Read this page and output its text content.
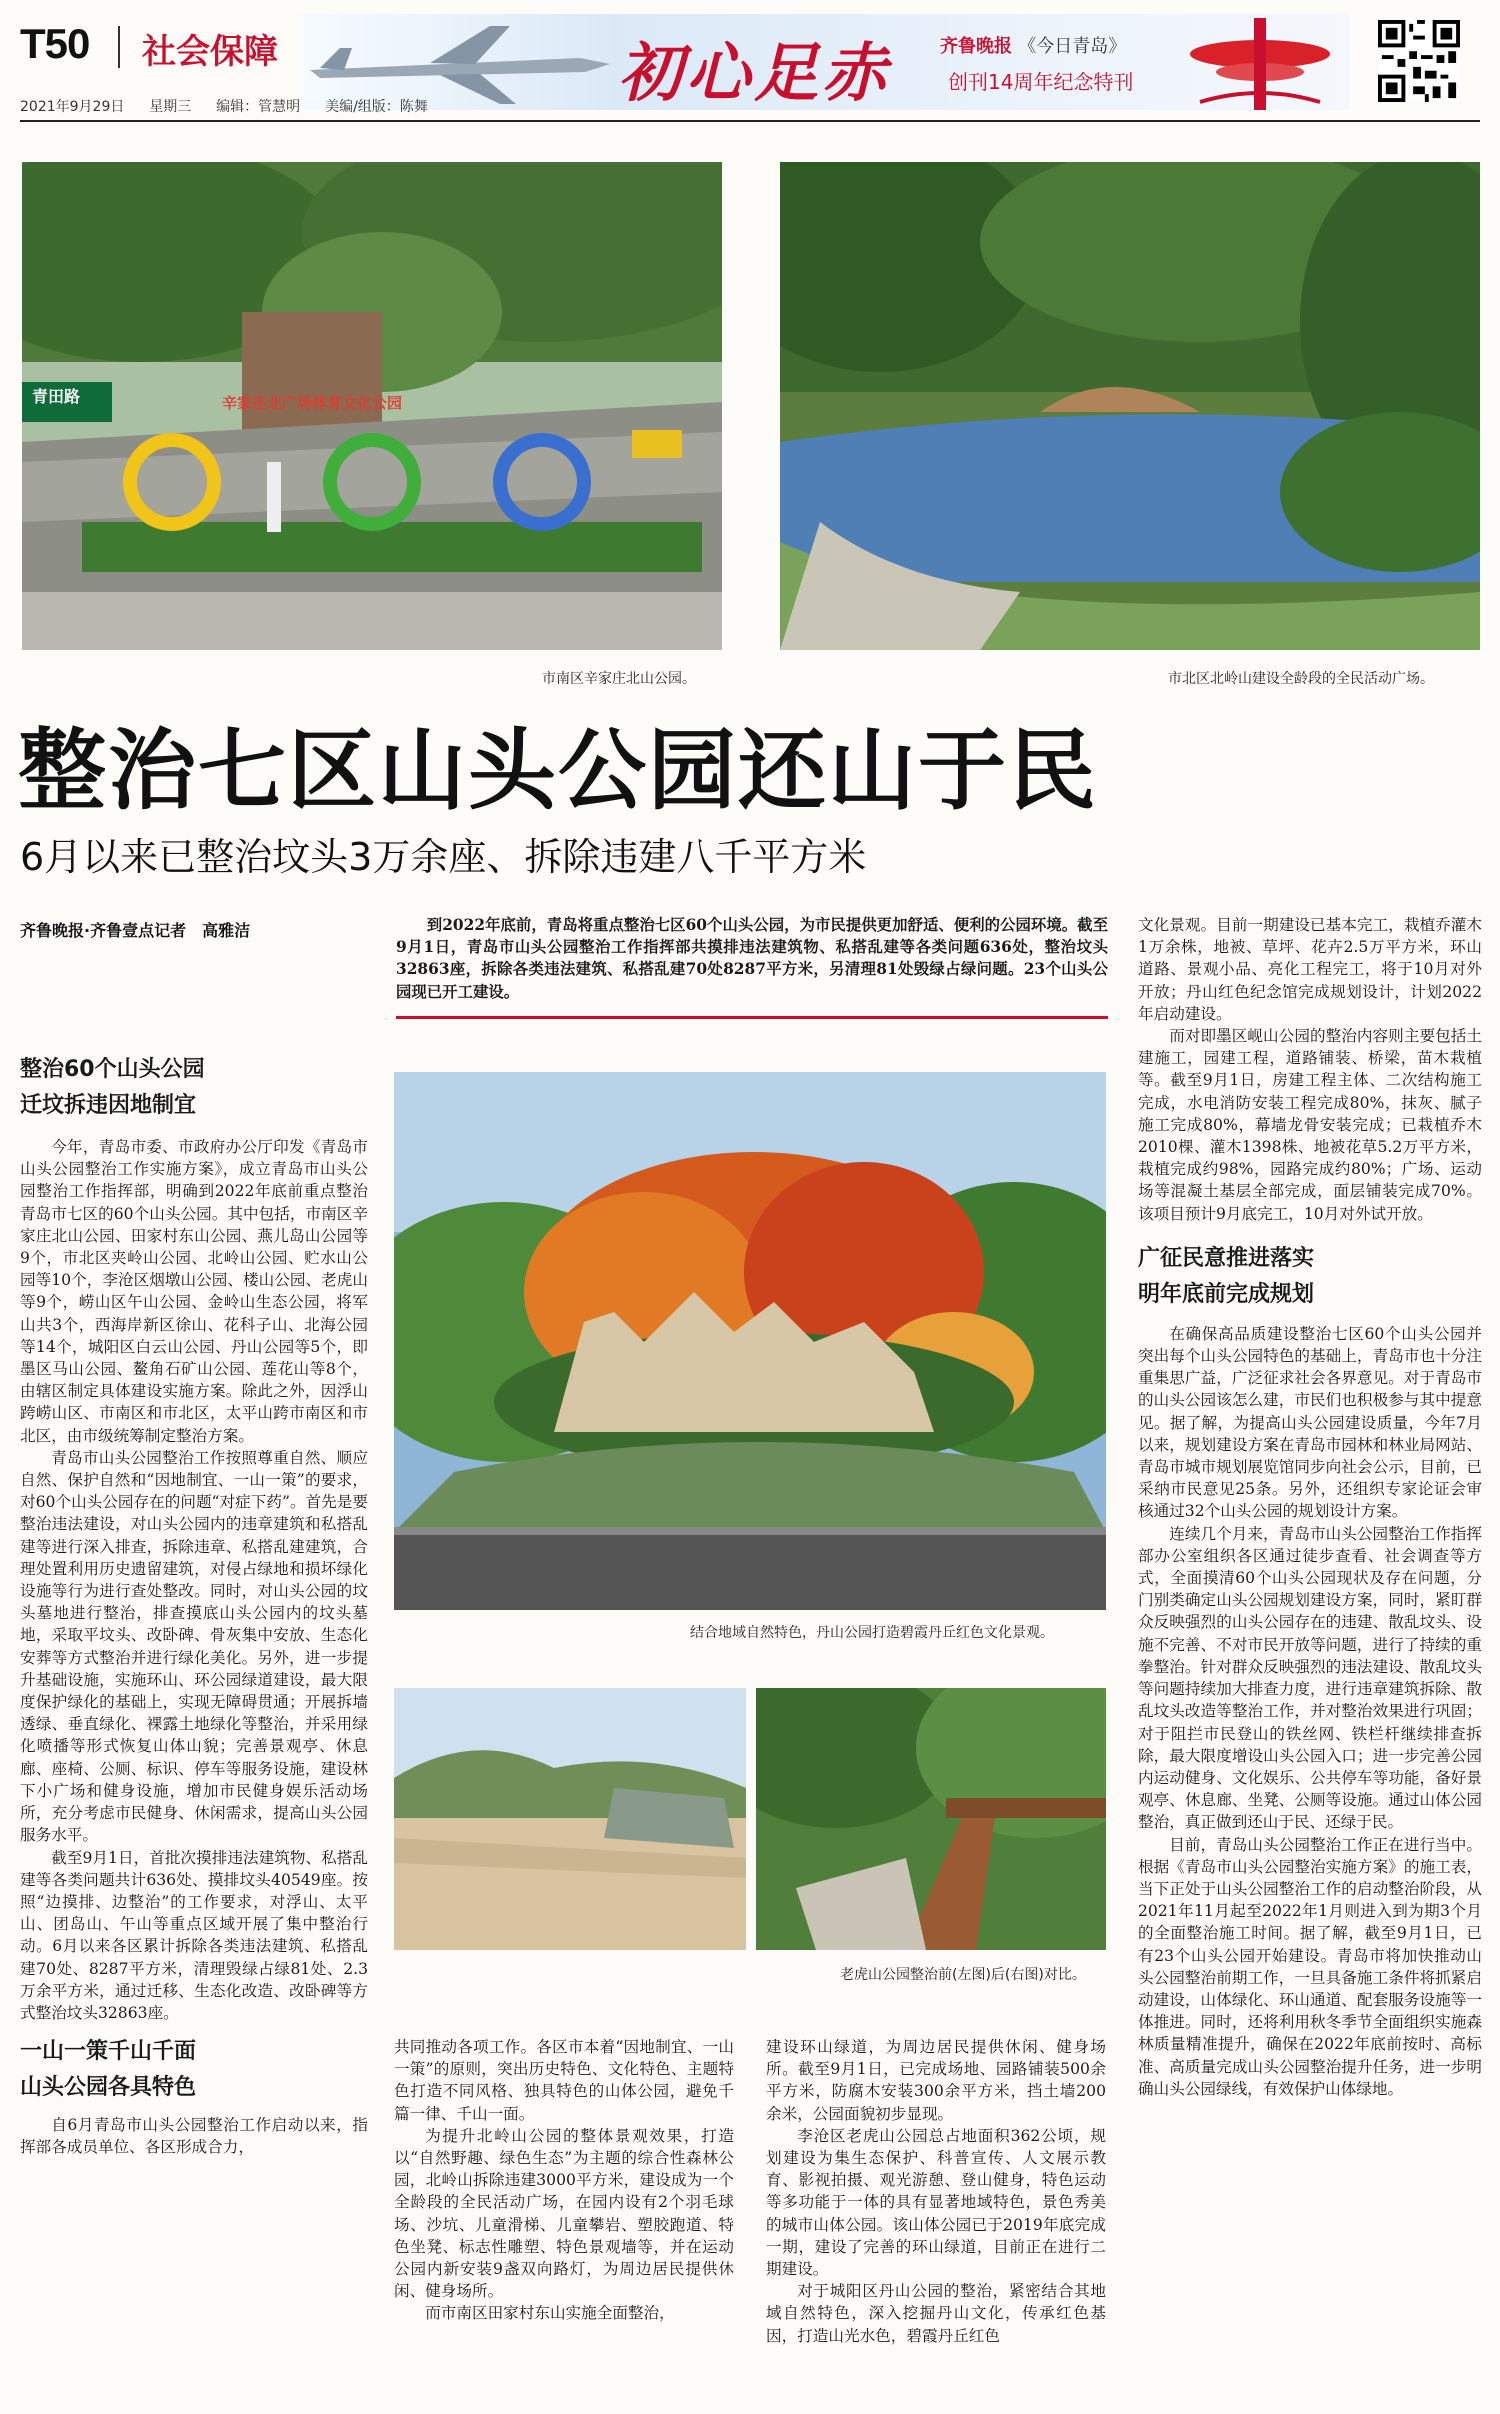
T50 社会保障	初心足赤	齐鲁晚报 《今日青岛》
创刊14周年纪念特刊
2021年9月29日 星期三 编辑：管慧明 美编/组版：陈舞
青田路	辛家庄北广场体育文化公园
市南区辛家庄北山公园。	市北区北岭山建设全龄段的全民活动广场。
整治七区山头公园还山于民
6月以来已整治坟头3万余座、拆除违建八千平方米
齐鲁晚报·齐鲁壹点记者　高雅洁	到2022年底前，青岛将重点整治七区60个山头公园，为市民提供更加舒适、便利的公园环境。截至9月1日，青岛市山头公园整治工作指挥部共摸排违法建筑物、私搭乱建等各类问题636处，整治坟头32863座，拆除各类违法建筑、私搭乱建70处8287平方米，另清理81处毁绿占绿问题。23个山头公园现已开工建设。

整治60个山头公园

迁坟拆违因地制宜

今年，青岛市委、市政府办公厅印发《青岛市山头公园整治工作实施方案》，成立青岛市山头公园整治工作指挥部，明确到2022年底前重点整治青岛市七区的60个山头公园。其中包括，市南区辛家庄北山公园、田家村东山公园、燕儿岛山公园等9个，市北区夹岭山公园、北岭山公园、贮水山公园等10个，李沧区烟墩山公园、楼山公园、老虎山等9个，崂山区午山公园、金岭山生态公园，将军山共3个，西海岸新区徐山、花科子山、北海公园等14个，城阳区白云山公园、丹山公园等5个，即墨区马山公园、鳌角石矿山公园、莲花山等8个，由辖区制定具体建设实施方案。除此之外，因浮山跨崂山区、市南区和市北区，太平山跨市南区和市北区，由市级统筹制定整治方案。

青岛市山头公园整治工作按照尊重自然、顺应自然、保护自然和“因地制宜、一山一策”的要求，对60个山头公园存在的问题“对症下药”。首先是要整治违法建设，对山头公园内的违章建筑和私搭乱建等进行深入排查，拆除违章、私搭乱建建筑，合理处置利用历史遗留建筑，对侵占绿地和损坏绿化设施等行为进行查处整改。同时，对山头公园的坟头墓地进行整治，排查摸底山头公园内的坟头墓地，采取平坟头、改卧碑、骨灰集中安放、生态化安葬等方式整治并进行绿化美化。另外，进一步提升基础设施，实施环山、环公园绿道建设，最大限度保护绿化的基础上，实现无障碍贯通；开展拆墙透绿、垂直绿化、裸露土地绿化等整治，并采用绿化喷播等形式恢复山体山貌；完善景观亭、休息廊、座椅、公厕、标识、停车等服务设施，建设林下小广场和健身设施，增加市民健身娱乐活动场所，充分考虑市民健身、休闲需求，提高山头公园服务水平。

截至9月1日，首批次摸排违法建筑物、私搭乱建等各类问题共计636处、摸排坟头40549座。按照“边摸排、边整治”的工作要求，对浮山、太平山、团岛山、午山等重点区域开展了集中整治行动。6月以来各区累计拆除各类违法建筑、私搭乱建70处、8287平方米，清理毁绿占绿81处、2.3万余平方米，通过迁移、生态化改造、改卧碑等方式整治坟头32863座。

一山一策千山千面

山头公园各具特色

自6月青岛市山头公园整治工作启动以来，指挥部各成员单位、各区形成合力，

结合地域自然特色，丹山公园打造碧霞丹丘红色文化景观。
老虎山公园整治前(左图)后(右图)对比。

共同推动各项工作。各区市本着“因地制宜、一山一策”的原则，突出历史特色、文化特色、主题特色打造不同风格、独具特色的山体公园，避免千篇一律、千山一面。

为提升北岭山公园的整体景观效果，打造以“自然野趣、绿色生态”为主题的综合性森林公园，北岭山拆除违建3000平方米，建设成为一个全龄段的全民活动广场，在园内设有2个羽毛球场、沙坑、儿童滑梯、儿童攀岩、塑胶跑道、特色坐凳、标志性雕塑、特色景观墙等，并在运动公园内新安装9盏双向路灯，为周边居民提供休闲、健身场所。

而市南区田家村东山实施全面整治，

建设环山绿道，为周边居民提供休闲、健身场所。截至9月1日，已完成场地、园路铺装500余平方米，防腐木安装300余平方米，挡土墙200余米，公园面貌初步显现。

李沧区老虎山公园总占地面积362公顷，规划建设为集生态保护、科普宣传、人文展示教育、影视拍摄、观光游憩、登山健身，特色运动等多功能于一体的具有显著地域特色，景色秀美的城市山体公园。该山体公园已于2019年底完成一期，建设了完善的环山绿道，目前正在进行二期建设。

对于城阳区丹山公园的整治，紧密结合其地域自然特色，深入挖掘丹山文化，传承红色基因，打造山光水色，碧霞丹丘红色

文化景观。目前一期建设已基本完工，栽植乔灌木1万余株，地被、草坪、花卉2.5万平方米，环山道路、景观小品、亮化工程完工，将于10月对外开放；丹山红色纪念馆完成规划设计，计划2022年启动建设。

而对即墨区岘山公园的整治内容则主要包括土建施工，园建工程，道路铺装、桥梁，苗木栽植等。截至9月1日，房建工程主体、二次结构施工完成，水电消防安装工程完成80%，抹灰、腻子施工完成80%，幕墙龙骨安装完成；已栽植乔木2010棵、灌木1398株、地被花草5.2万平方米，栽植完成约98%，园路完成约80%；广场、运动场等混凝土基层全部完成，面层铺装完成70%。该项目预计9月底完工，10月对外试开放。

广征民意推进落实

明年底前完成规划

在确保高品质建设整治七区60个山头公园并突出每个山头公园特色的基础上，青岛市也十分注重集思广益，广泛征求社会各界意见。对于青岛市的山头公园该怎么建，市民们也积极参与其中提意见。据了解，为提高山头公园建设质量，今年7月以来，规划建设方案在青岛市园林和林业局网站、青岛市城市规划展览馆同步向社会公示，目前，已采纳市民意见25条。另外，还组织专家论证会审核通过32个山头公园的规划设计方案。

连续几个月来，青岛市山头公园整治工作指挥部办公室组织各区通过徒步查看、社会调查等方式，全面摸清60个山头公园现状及存在问题，分门别类确定山头公园规划建设方案，同时，紧盯群众反映强烈的山头公园存在的违建、散乱坟头、设施不完善、不对市民开放等问题，进行了持续的重拳整治。针对群众反映强烈的违法建设、散乱坟头等问题持续加大排查力度，进行违章建筑拆除、散乱坟头改造等整治工作，并对整治效果进行巩固；对于阻拦市民登山的铁丝网、铁栏杆继续排查拆除，最大限度增设山头公园入口；进一步完善公园内运动健身、文化娱乐、公共停车等功能，备好景观亭、休息廊、坐凳、公厕等设施。通过山体公园整治，真正做到还山于民、还绿于民。

目前，青岛山头公园整治工作正在进行当中。根据《青岛市山头公园整治实施方案》的施工表，当下正处于山头公园整治工作的启动整治阶段，从2021年11月起至2022年1月则进入到为期3个月的全面整治施工时间。据了解，截至9月1日，已有23个山头公园开始建设。青岛市将加快推动山头公园整治前期工作，一旦具备施工条件将抓紧启动建设，山体绿化、环山通道、配套服务设施等一体推进。同时，还将利用秋冬季节全面组织实施森林质量精准提升，确保在2022年底前按时、高标准、高质量完成山头公园整治提升任务，进一步明确山头公园绿线，有效保护山体绿地。
